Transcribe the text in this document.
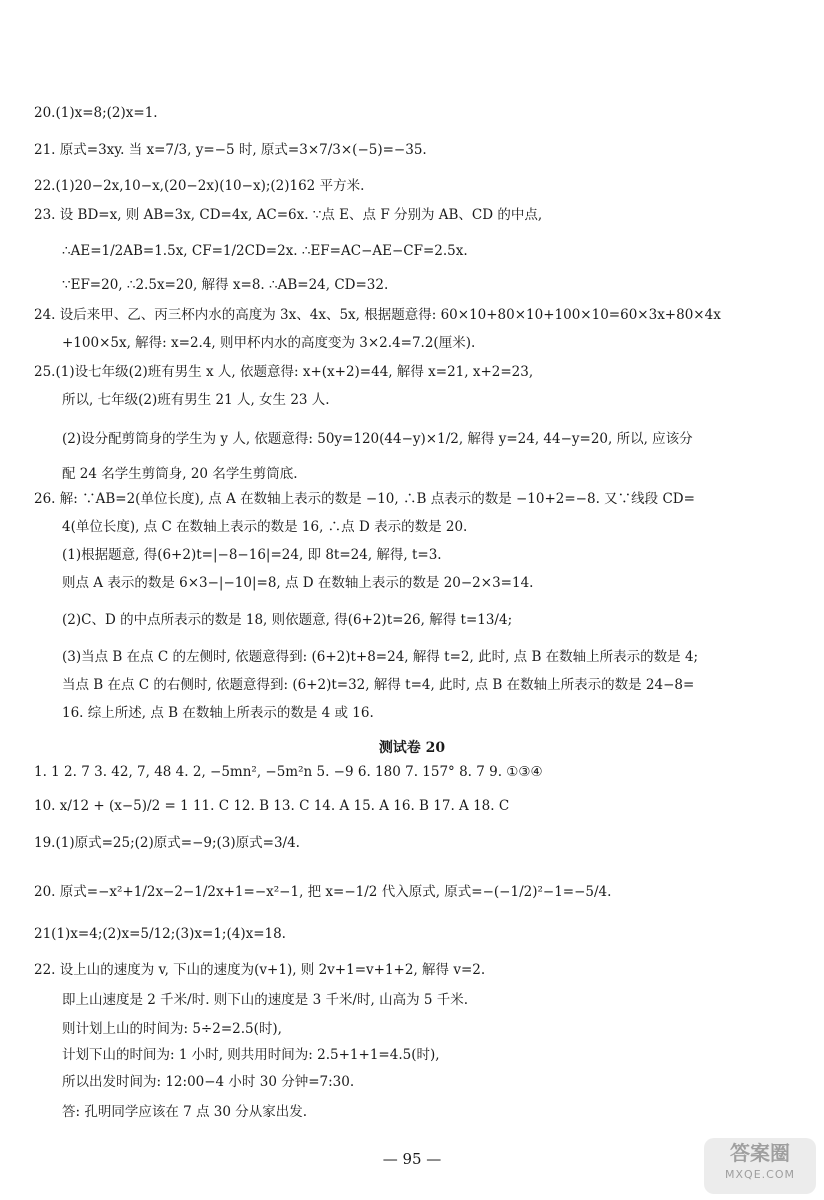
20.(1)x=8;(2)x=1.
21. 原式=3xy. 当 x=7/3, y=−5 时, 原式=3×7/3×(−5)=−35.
22.(1)20−2x,10−x,(20−2x)(10−x);(2)162 平方米.
23. 设 BD=x, 则 AB=3x, CD=4x, AC=6x. ∵点 E、点 F 分别为 AB、CD 的中点,
∴AE=1/2AB=1.5x, CF=1/2CD=2x. ∴EF=AC−AE−CF=2.5x.
∵EF=20, ∴2.5x=20, 解得 x=8. ∴AB=24, CD=32.
24. 设后来甲、乙、丙三杯内水的高度为 3x、4x、5x, 根据题意得: 60×10+80×10+100×10=60×3x+80×4x
+100×5x, 解得: x=2.4, 则甲杯内水的高度变为 3×2.4=7.2(厘米).
25.(1)设七年级(2)班有男生 x 人, 依题意得: x+(x+2)=44, 解得 x=21, x+2=23,
所以, 七年级(2)班有男生 21 人, 女生 23 人.
(2)设分配剪筒身的学生为 y 人, 依题意得: 50y=120(44−y)×1/2, 解得 y=24, 44−y=20, 所以, 应该分
配 24 名学生剪筒身, 20 名学生剪筒底.
26. 解: ∵AB=2(单位长度), 点 A 在数轴上表示的数是 −10, ∴B 点表示的数是 −10+2=−8. 又∵线段 CD=
4(单位长度), 点 C 在数轴上表示的数是 16, ∴点 D 表示的数是 20.
(1)根据题意, 得(6+2)t=|−8−16|=24, 即 8t=24, 解得, t=3.
则点 A 表示的数是 6×3−|−10|=8, 点 D 在数轴上表示的数是 20−2×3=14.
(2)C、D 的中点所表示的数是 18, 则依题意, 得(6+2)t=26, 解得 t=13/4;
(3)当点 B 在点 C 的左侧时, 依题意得到: (6+2)t+8=24, 解得 t=2, 此时, 点 B 在数轴上所表示的数是 4;
当点 B 在点 C 的右侧时, 依题意得到: (6+2)t=32, 解得 t=4, 此时, 点 B 在数轴上所表示的数是 24−8=
16. 综上所述, 点 B 在数轴上所表示的数是 4 或 16.
测试卷 20
1. 1 2. 7 3. 42, 7, 48 4. 2, −5mn², −5m²n 5. −9 6. 180 7. 157° 8. 7 9. ①③④
10. x/12 + (x−5)/2 = 1 11. C 12. B 13. C 14. A 15. A 16. B 17. A 18. C
19.(1)原式=25;(2)原式=−9;(3)原式=3/4.
20. 原式=−x²+1/2x−2−1/2x+1=−x²−1, 把 x=−1/2 代入原式, 原式=−(−1/2)²−1=−5/4.
21(1)x=4;(2)x=5/12;(3)x=1;(4)x=18.
22. 设上山的速度为 v, 下山的速度为(v+1), 则 2v+1=v+1+2, 解得 v=2.
即上山速度是 2 千米/时. 则下山的速度是 3 千米/时, 山高为 5 千米.
则计划上山的时间为: 5÷2=2.5(时),
计划下山的时间为: 1 小时, 则共用时间为: 2.5+1+1=4.5(时),
所以出发时间为: 12:00−4 小时 30 分钟=7:30.
答: 孔明同学应该在 7 点 30 分从家出发.
— 95 —	答案圈
MXQE.COM
